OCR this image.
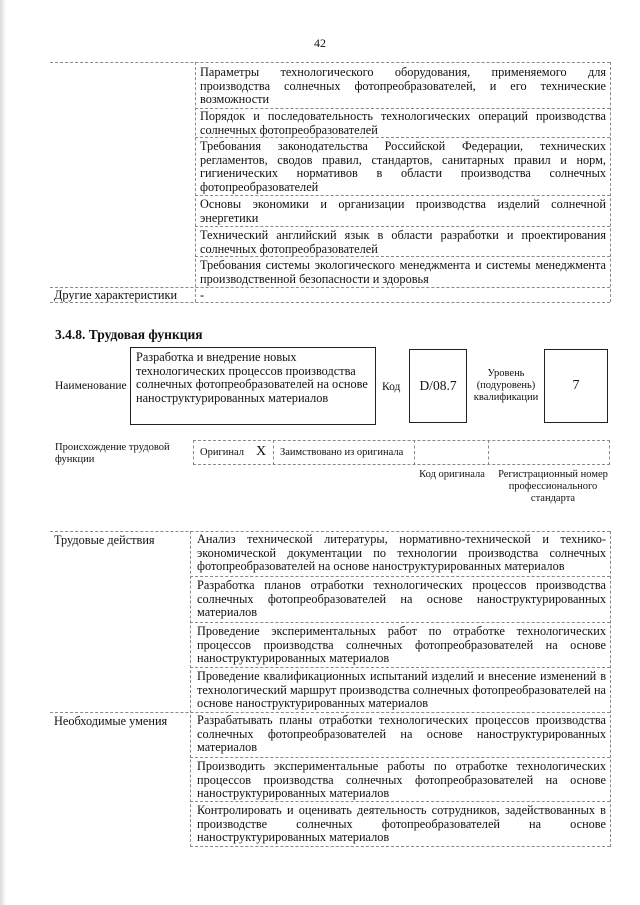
42
Параметры технологического оборудования, применяемого для производства солнечных фотопреобразователей, и его технические возможности
Порядок и последовательность технологических операций производства солнечных фотопреобразователей
Требования законодательства Российской Федерации, технических регламентов, сводов правил, стандартов, санитарных правил и норм, гигиенических нормативов в области производства солнечных фотопреобразователей
Основы экономики и организации производства изделий солнечной энергетики
Технический английский язык в области разработки и проектирования солнечных фотопреобразователей
Требования системы экологического менеджмента и системы менеджмента производственной безопасности и здоровья
Другие характеристики	-
3.4.8. Трудовая функция
Наименование
Разработка и внедрение новых технологических процессов производства солнечных фотопреобразователей на основе наноструктурированных материалов
Код	D/08.7
Уровень (подуровень) квалификации
7
Происхождение трудовой функции
Оригинал X Заимствовано из оригинала
Код оригинала	Регистрационный номер профессионального стандарта
Трудовые действия	Анализ технической литературы, нормативно-технической и технико-экономической документации по технологии производства солнечных фотопреобразователей на основе наноструктурированных материалов
Разработка планов отработки технологических процессов производства солнечных фотопреобразователей на основе наноструктурированных материалов
Проведение экспериментальных работ по отработке технологических процессов производства солнечных фотопреобразователей на основе наноструктурированных материалов
Проведение квалификационных испытаний изделий и внесение изменений в технологический маршрут производства солнечных фотопреобразователей на основе наноструктурированных материалов
Необходимые умения	Разрабатывать планы отработки технологических процессов производства солнечных фотопреобразователей на основе наноструктурированных материалов
Производить экспериментальные работы по отработке технологических процессов производства солнечных фотопреобразователей на основе наноструктурированных материалов
Контролировать и оценивать деятельность сотрудников, задействованных в производстве солнечных фотопреобразователей на основе наноструктурированных материалов
